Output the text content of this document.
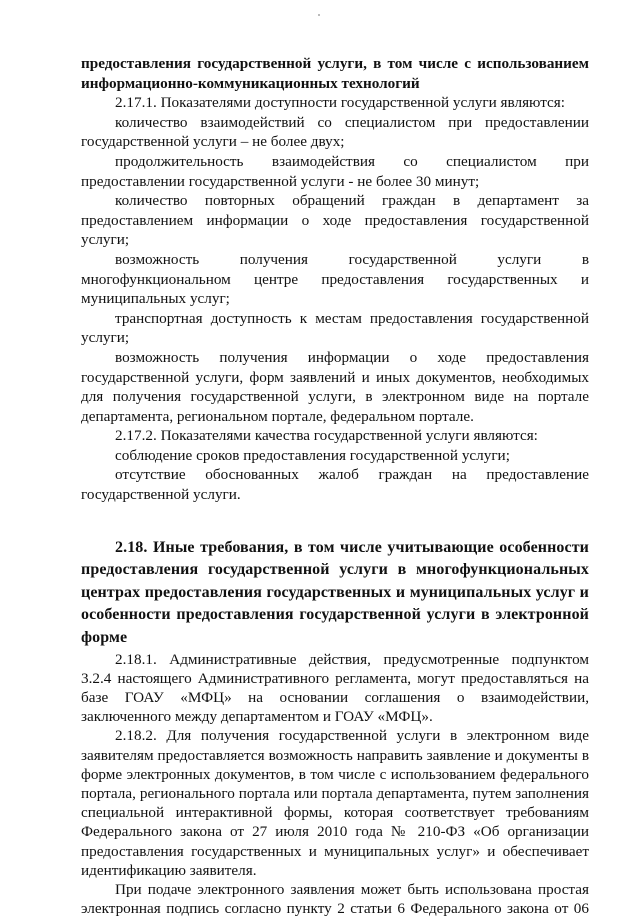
предоставления государственной услуги, в том числе с использованием

информационно-коммуникационных технологий

2.17.1. Показателями доступности государственной услуги являются:

количество взаимодействий со специалистом при предоставлении

государственной услуги – не более двух;

продолжительность взаимодействия со специалистом при

предоставлении государственной услуги - не более 30 минут;

количество повторных обращений граждан в департамент за

предоставлением информации о ходе предоставления государственной

услуги;

возможность получения государственной услуги в

многофункциональном центре предоставления государственных и

муниципальных услуг;

транспортная доступность к местам предоставления государственной

услуги;

возможность получения информации о ходе предоставления

государственной услуги, форм заявлений и иных документов, необходимых

для получения государственной услуги, в электронном виде на портале

департамента, региональном портале, федеральном портале.

2.17.2. Показателями качества государственной услуги являются:

соблюдение сроков предоставления государственной услуги;

отсутствие обоснованных жалоб граждан на предоставление

государственной услуги.

2.18. Иные требования, в том числе учитывающие особенности

предоставления государственной услуги в многофункциональных

центрах предоставления государственных и муниципальных услуг и

особенности предоставления государственной услуги в электронной

форме

2.18.1. Административные действия, предусмотренные подпунктом

3.2.4 настоящего Административного регламента, могут предоставляться на

базе ГОАУ «МФЦ» на основании соглашения о взаимодействии,

заключенного между департаментом и ГОАУ «МФЦ».

2.18.2. Для получения государственной услуги в электронном виде

заявителям предоставляется возможность направить заявление и документы в

форме электронных документов, в том числе с использованием федерального

портала, регионального портала или портала департамента, путем заполнения

специальной интерактивной формы, которая соответствует требованиям

Федерального закона от 27 июля 2010 года № 210-ФЗ «Об организации

предоставления государственных и муниципальных услуг» и обеспечивает

идентификацию заявителя.

При подаче электронного заявления может быть использована простая

электронная подпись согласно пункту 2 статьи 6 Федерального закона от 06
